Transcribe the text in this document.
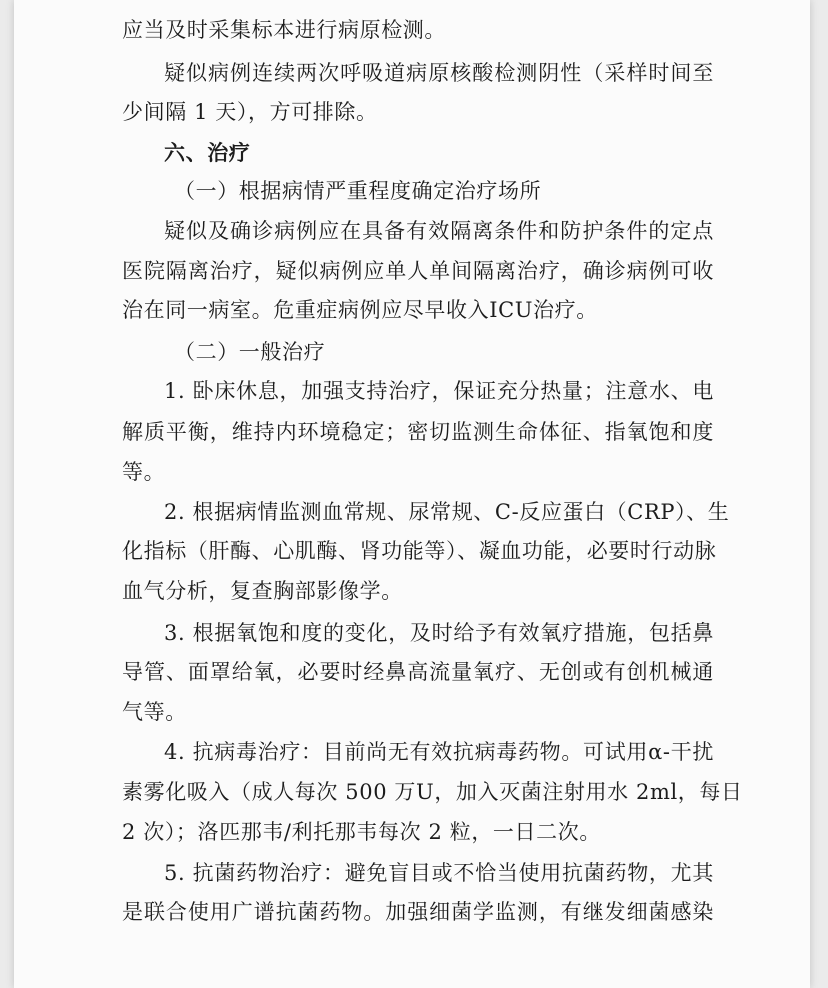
应当及时采集标本进行病原检测。
疑似病例连续两次呼吸道病原核酸检测阴性（采样时间至
少间隔 1 天），方可排除。
六、治疗
（一）根据病情严重程度确定治疗场所
疑似及确诊病例应在具备有效隔离条件和防护条件的定点
医院隔离治疗，疑似病例应单人单间隔离治疗，确诊病例可收
治在同一病室。危重症病例应尽早收入ICU治疗。
（二）一般治疗
1. 卧床休息，加强支持治疗，保证充分热量；注意水、电
解质平衡，维持内环境稳定；密切监测生命体征、指氧饱和度
等。
2. 根据病情监测血常规、尿常规、C-反应蛋白（CRP）、生
化指标（肝酶、心肌酶、肾功能等）、凝血功能，必要时行动脉
血气分析，复查胸部影像学。
3. 根据氧饱和度的变化，及时给予有效氧疗措施，包括鼻
导管、面罩给氧，必要时经鼻高流量氧疗、无创或有创机械通
气等。
4. 抗病毒治疗：目前尚无有效抗病毒药物。可试用α-干扰
素雾化吸入（成人每次 500 万U，加入灭菌注射用水 2ml，每日
2 次）；洛匹那韦/利托那韦每次 2 粒，一日二次。
5. 抗菌药物治疗：避免盲目或不恰当使用抗菌药物，尤其
是联合使用广谱抗菌药物。加强细菌学监测，有继发细菌感染
